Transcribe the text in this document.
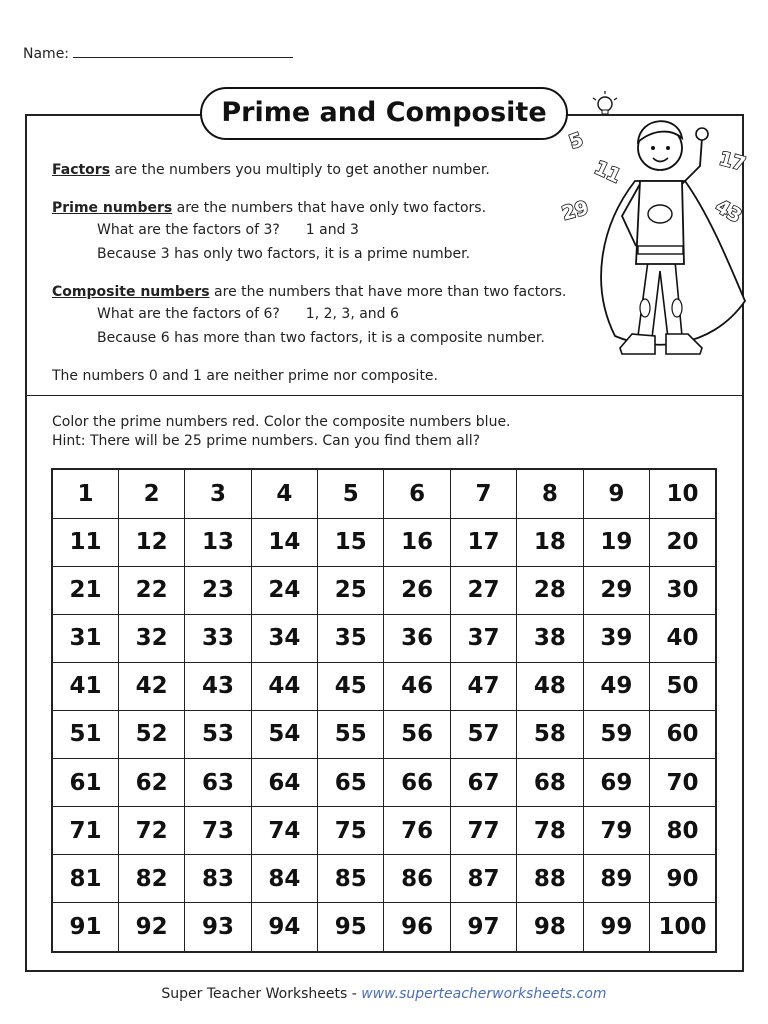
Name:
Prime and Composite
Factors are the numbers you multiply to get another number.
Prime numbers are the numbers that have only two factors.
What are the factors of 3? 1 and 3
Because 3 has only two factors, it is a prime number.
Composite numbers are the numbers that have more than two factors.
What are the factors of 6? 1, 2, 3, and 6
Because 6 has more than two factors, it is a composite number.
The numbers 0 and 1 are neither prime nor composite.
5
11	17
29	43
Color the prime numbers red. Color the composite numbers blue.
Hint: There will be 25 prime numbers. Can you find them all?
1	2	3	4	5	6	7	8	9	10
11	12	13	14	15	16	17	18	19	20
21	22	23	24	25	26	27	28	29	30
31	32	33	34	35	36	37	38	39	40
41	42	43	44	45	46	47	48	49	50
51	52	53	54	55	56	57	58	59	60
61	62	63	64	65	66	67	68	69	70
71	72	73	74	75	76	77	78	79	80
81	82	83	84	85	86	87	88	89	90
91	92	93	94	95	96	97	98	99	100
Super Teacher Worksheets - www.superteacherworksheets.com
